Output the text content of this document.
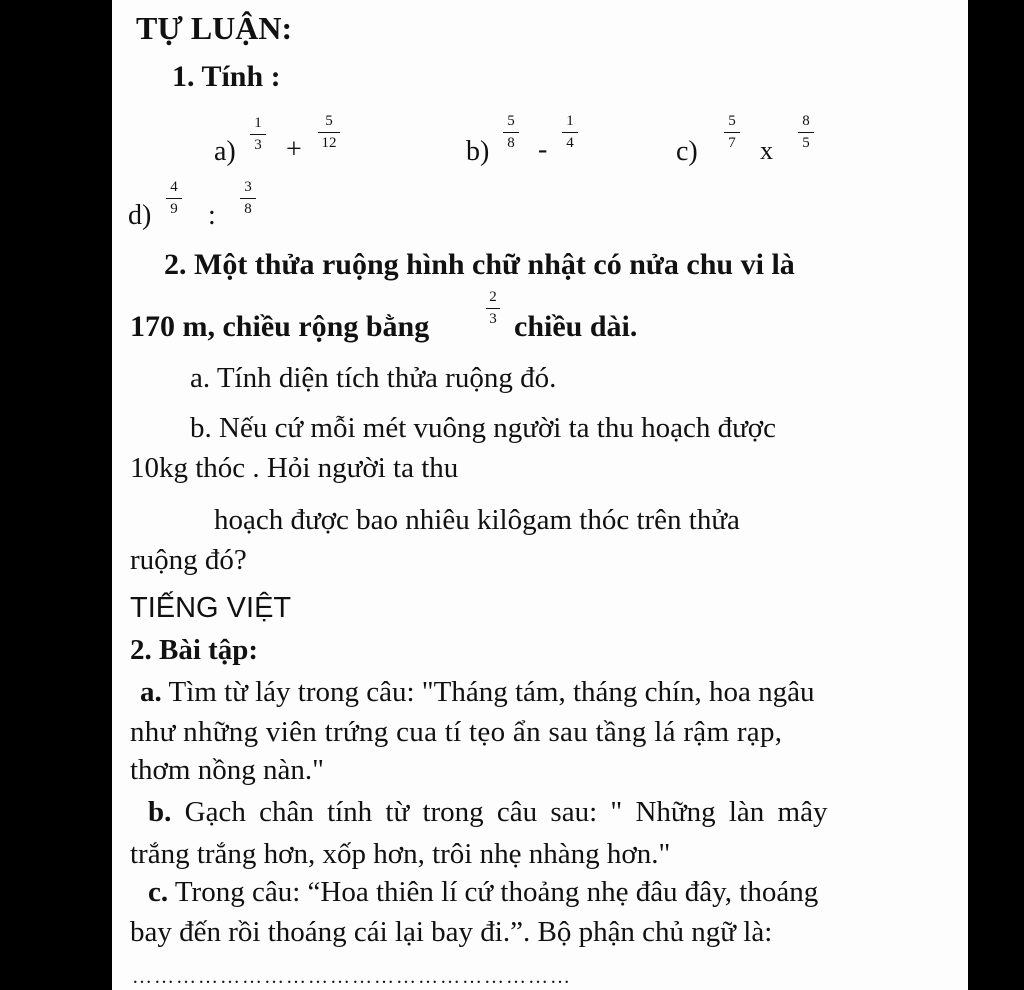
TỰ LUẬN:
1. Tính :
a)
1
3 +
5
12	b)
5
8 -
1
4	c)
5
7 x
8
5
d)
4
9 :
3
8
2. Một thửa ruộng hình chữ nhật có nửa chu vi là
170 m, chiều rộng bằng
2
3 chiều dài.
a. Tính diện tích thửa ruộng đó.
b. Nếu cứ mỗi mét vuông người ta thu hoạch được
10kg thóc . Hỏi người ta thu
hoạch được bao nhiêu kilôgam thóc trên thửa
ruộng đó?
TIẾNG VIỆT
2. Bài tập:
a. Tìm từ láy trong câu: "Tháng tám, tháng chín, hoa ngâu
như những viên trứng cua tí tẹo ẩn sau tầng lá rậm rạp,
thơm nồng nàn."
b. Gạch chân tính từ trong câu sau: " Những làn mây
trắng trắng hơn, xốp hơn, trôi nhẹ nhàng hơn."
c. Trong câu: “Hoa thiên lí cứ thoảng nhẹ đâu đây, thoáng
bay đến rồi thoáng cái lại bay đi.”. Bộ phận chủ ngữ là:
……………………………………………………
